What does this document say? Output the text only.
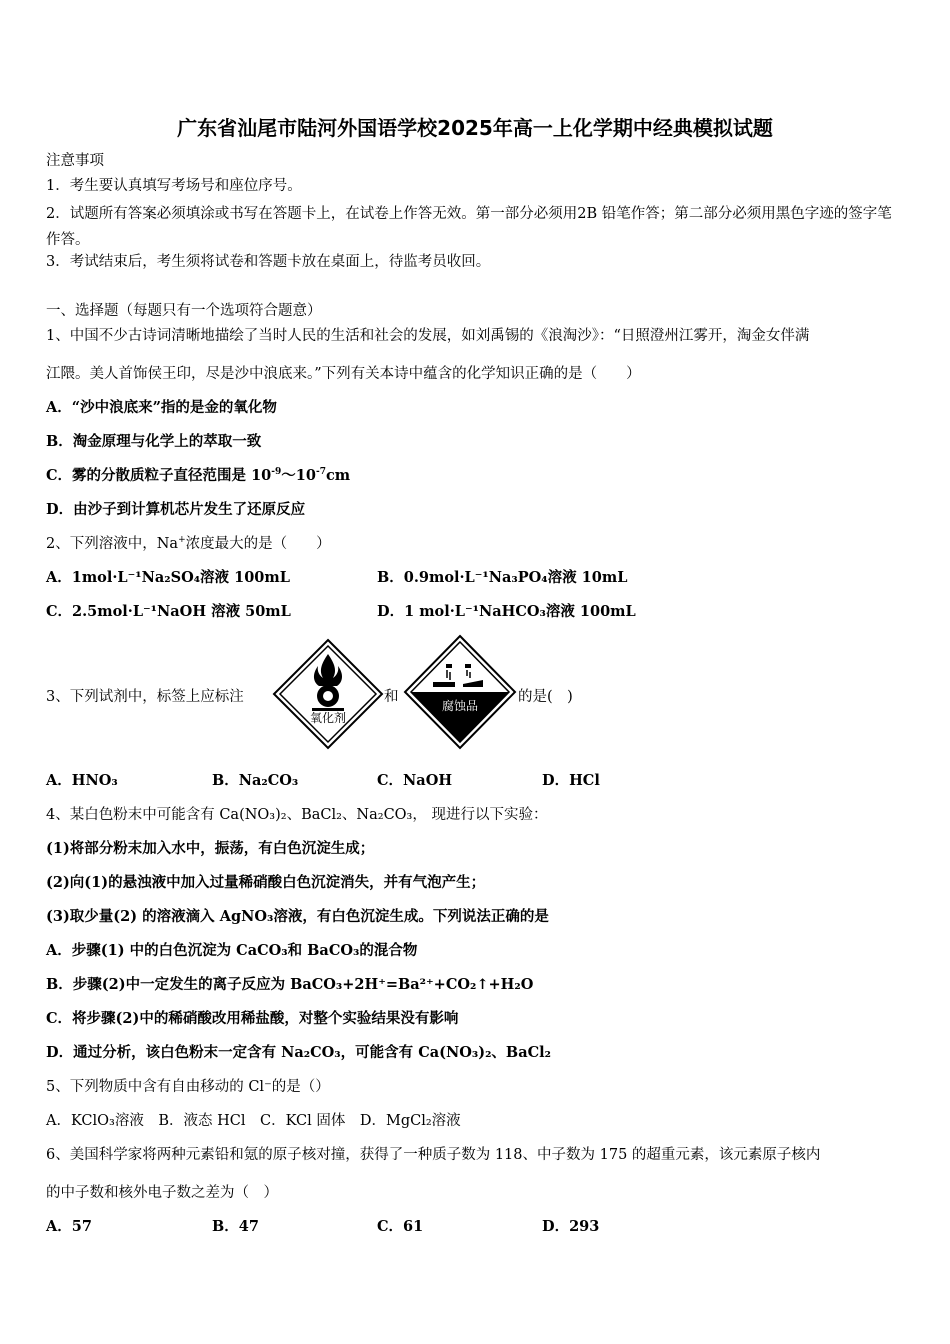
广东省汕尾市陆河外国语学校2025年高一上化学期中经典模拟试题
注意事项
1．考生要认真填写考场号和座位序号。
2．试题所有答案必须填涂或书写在答题卡上，在试卷上作答无效。第一部分必须用2B 铅笔作答；第二部分必须用黑色字迹的签字笔作答。
3．考试结束后，考生须将试卷和答题卡放在桌面上，待监考员收回。
一、选择题（每题只有一个选项符合题意）
1、中国不少古诗词清晰地描绘了当时人民的生活和社会的发展，如刘禹锡的《浪淘沙》：“日照澄州江雾开，淘金女伴满
江隈。美人首饰侯王印，尽是沙中浪底来。”下列有关本诗中蕴含的化学知识正确的是（　　）
A．“沙中浪底来”指的是金的氧化物
B．淘金原理与化学上的萃取一致
C．雾的分散质粒子直径范围是 $10^{-9}\sim 10^{-7}cm$
D．由沙子到计算机芯片发生了还原反应
2、下列溶液中，Na+浓度最大的是（　　）
A．1mol·L⁻¹Na₂SO₄溶液 100mL	B．0.9mol·L⁻¹Na₃PO₄溶液 10mL
C．2.5mol·L⁻¹NaOH 溶液 50mL	D．1 mol·L⁻¹NaHCO₃溶液 100mL
3、下列试剂中，标签上应标注
氧化剂
和
腐蚀品
的是(　)
A．HNO₃	B．Na₂CO₃	C．NaOH	D．HCl
4、某白色粉末中可能含有 Ca(NO₃)₂、BaCl₂、Na₂CO₃， 现进行以下实验：
(1)将部分粉末加入水中，振荡，有白色沉淀生成；
(2)向(1)的悬浊液中加入过量稀硝酸白色沉淀消失，并有气泡产生；
(3)取少量(2) 的溶液滴入 AgNO₃溶液，有白色沉淀生成。下列说法正确的是
A．步骤(1) 中的白色沉淀为 CaCO₃和 BaCO₃的混合物
B．步骤(2)中一定发生的离子反应为 BaCO₃+2H⁺=Ba²⁺+CO₂↑+H₂O
C．将步骤(2)中的稀硝酸改用稀盐酸，对整个实验结果没有影响
D．通过分析，该白色粉末一定含有 Na₂CO₃，可能含有 Ca(NO₃)₂、BaCl₂
5、下列物质中含有自由移动的 Cl⁻的是（）
A．KClO₃溶液　B．液态 HCl　C．KCl 固体　D．MgCl₂溶液
6、美国科学家将两种元素铅和氪的原子核对撞，获得了一种质子数为 118、中子数为 175 的超重元素，该元素原子核内
的中子数和核外电子数之差为（　）
A．57	B．47	C．61	D．293
